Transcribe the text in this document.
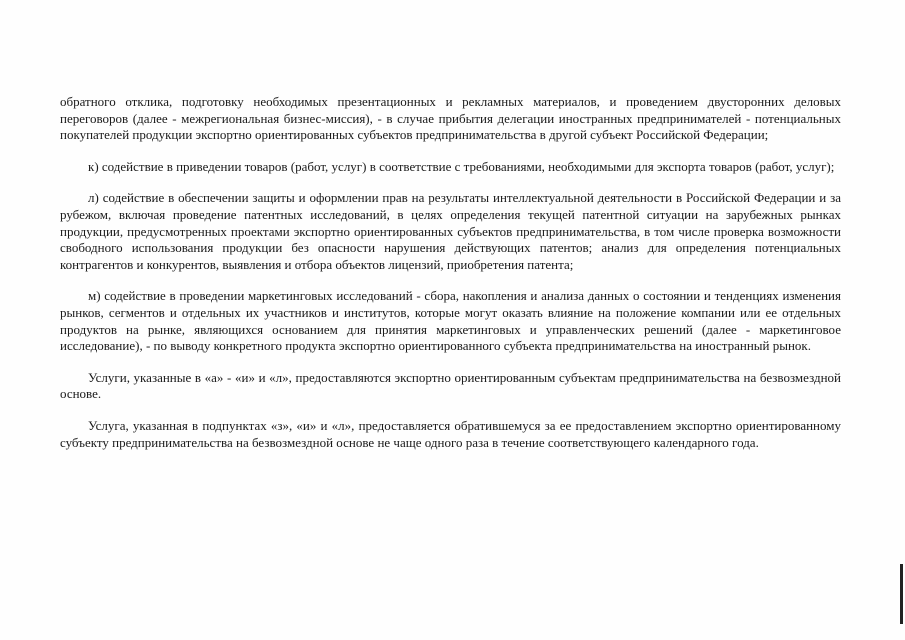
обратного отклика, подготовку необходимых презентационных и рекламных материалов, и проведением двусторонних деловых переговоров (далее - межрегиональная бизнес-миссия), - в случае прибытия делегации иностранных предпринимателей - потенциальных покупателей продукции экспортно ориентированных субъектов предпринимательства в другой субъект Российской Федерации;

к) содействие в приведении товаров (работ, услуг) в соответствие с требованиями, необходимыми для экспорта товаров (работ, услуг);

л) содействие в обеспечении защиты и оформлении прав на результаты интеллектуальной деятельности в Российской Федерации и за рубежом, включая проведение патентных исследований, в целях определения текущей патентной ситуации на зарубежных рынках продукции, предусмотренных проектами экспортно ориентированных субъектов предпринимательства, в том числе проверка возможности свободного использования продукции без опасности нарушения действующих патентов; анализ для определения потенциальных контрагентов и конкурентов, выявления и отбора объектов лицензий, приобретения патента;

м) содействие в проведении маркетинговых исследований - сбора, накопления и анализа данных о состоянии и тенденциях изменения рынков, сегментов и отдельных их участников и институтов, которые могут оказать влияние на положение компании или ее отдельных продуктов на рынке, являющихся основанием для принятия маркетинговых и управленческих решений (далее - маркетинговое исследование), - по выводу конкретного продукта экспортно ориентированного субъекта предпринимательства на иностранный рынок.

Услуги, указанные в «а» - «и» и «л», предоставляются экспортно ориентированным субъектам предпринимательства на безвозмездной основе.

Услуга, указанная в подпунктах «з», «и» и «л», предоставляется обратившемуся за ее предоставлением экспортно ориентированному субъекту предпринимательства на безвозмездной основе не чаще одного раза в течение соответствующего календарного года.
